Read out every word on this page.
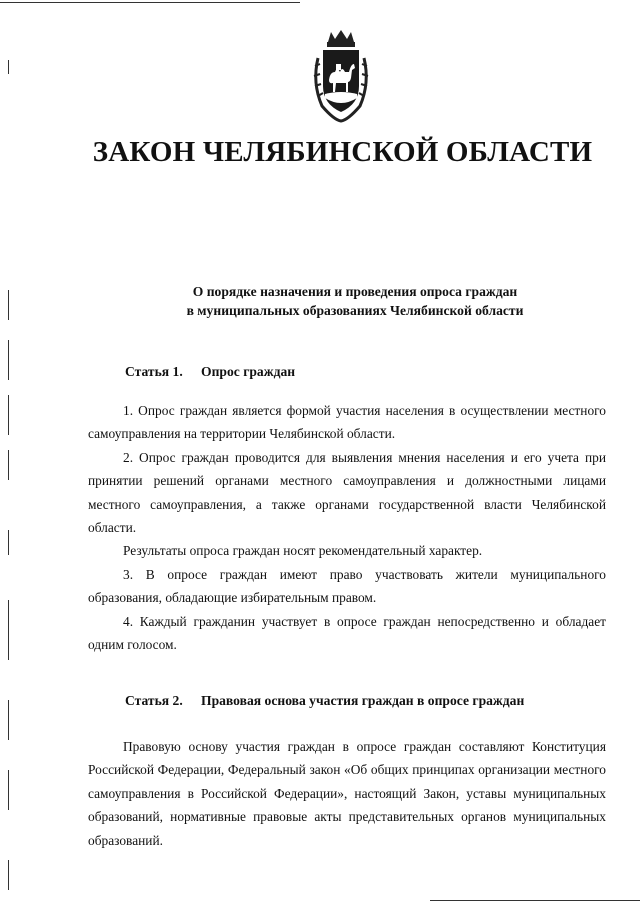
ЗАКОН ЧЕЛЯБИНСКОЙ ОБЛАСТИ
О порядке назначения и проведения опроса граждан
в муниципальных образованиях Челябинской области
Статья 1. Опрос граждан

1. Опрос граждан является формой участия населения в осуществлении местного самоуправления на территории Челябинской области.

2. Опрос граждан проводится для выявления мнения населения и его учета при принятии решений органами местного самоуправления и должностными лицами местного самоуправления, а также органами государственной власти Челябинской области.

Результаты опроса граждан носят рекомендательный характер.

3. В опросе граждан имеют право участвовать жители муниципального образования, обладающие избирательным правом.

4. Каждый гражданин участвует в опросе граждан непосредственно и обладает одним голосом.

Статья 2. Правовая основа участия граждан в опросе граждан

Правовую основу участия граждан в опросе граждан составляют Конституция Российской Федерации, Федеральный закон «Об общих принципах организации местного самоуправления в Российской Федерации», настоящий Закон, уставы муниципальных образований, нормативные правовые акты представительных органов муниципальных образований.
